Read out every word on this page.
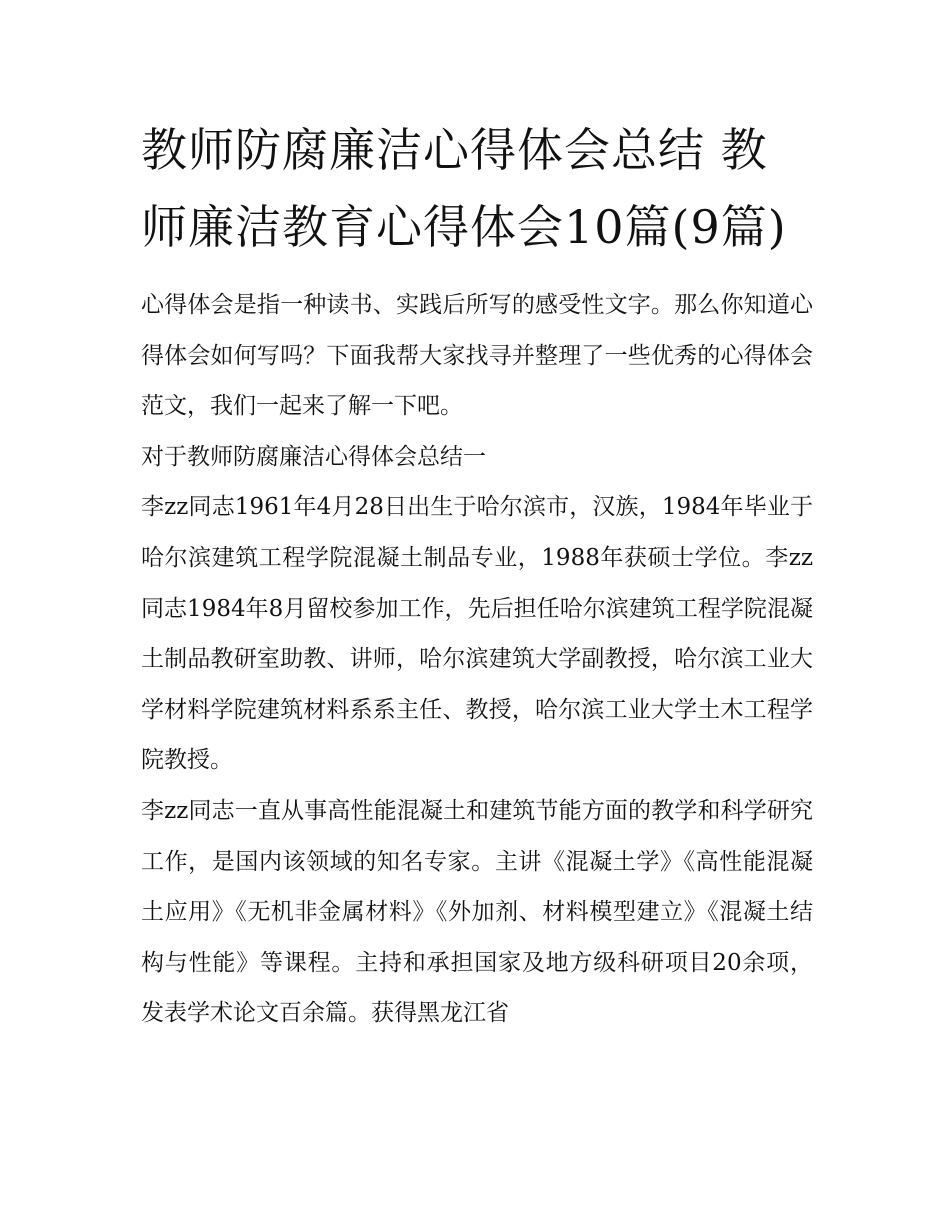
教师防腐廉洁心得体会总结 教师廉洁教育心得体会10篇(9篇)

心得体会是指一种读书、实践后所写的感受性文字。那么你知道心得体会如何写吗？下面我帮大家找寻并整理了一些优秀的心得体会范文，我们一起来了解一下吧。

对于教师防腐廉洁心得体会总结一

李zz同志1961年4月28日出生于哈尔滨市，汉族，1984年毕业于哈尔滨建筑工程学院混凝土制品专业，1988年获硕士学位。李zz同志1984年8月留校参加工作，先后担任哈尔滨建筑工程学院混凝土制品教研室助教、讲师，哈尔滨建筑大学副教授，哈尔滨工业大学材料学院建筑材料系系主任、教授，哈尔滨工业大学土木工程学院教授。

李zz同志一直从事高性能混凝土和建筑节能方面的教学和科学研究工作，是国内该领域的知名专家。主讲《混凝土学》《高性能混凝土应用》《无机非金属材料》《外加剂、材料模型建立》《混凝土结构与性能》等课程。主持和承担国家及地方级科研项目20余项，发表学术论文百余篇。获得黑龙江省
